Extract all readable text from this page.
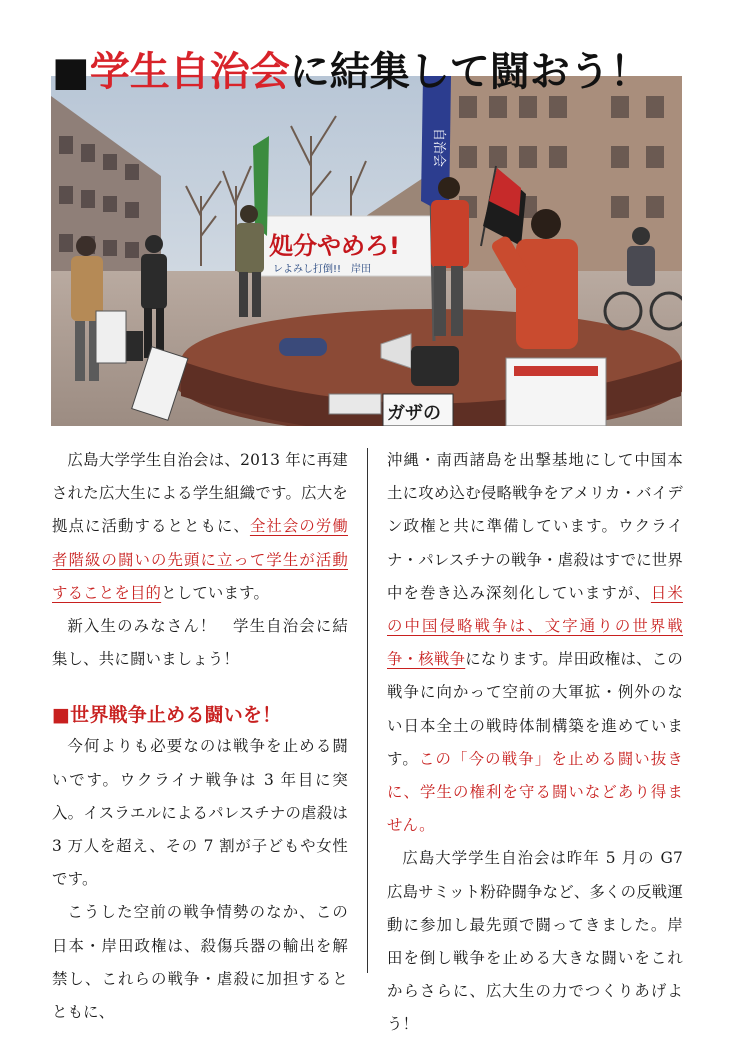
■学生自治会に結集して闘おう！
処分やめろ!
レよみし打倒!!　岸田
自治会
ガザの

広島大学学生自治会は、2013 年に再建された広大生による学生組織です。広大を拠点に活動するとともに、全社会の労働者階級の闘いの先頭に立って学生が活動することを目的としています。

新入生のみなさん！　学生自治会に結集し、共に闘いましょう！

■世界戦争止める闘いを！

今何よりも必要なのは戦争を止める闘いです。ウクライナ戦争は 3 年目に突入。イスラエルによるパレスチナの虐殺は 3 万人を超え、その 7 割が子どもや女性です。

こうした空前の戦争情勢のなか、この日本・岸田政権は、殺傷兵器の輸出を解禁し、これらの戦争・虐殺に加担するとともに、

沖縄・南西諸島を出撃基地にして中国本土に攻め込む侵略戦争をアメリカ・バイデン政権と共に準備しています。ウクライナ・パレスチナの戦争・虐殺はすでに世界中を巻き込み深刻化していますが、日米の中国侵略戦争は、文字通りの世界戦争・核戦争になります。岸田政権は、この戦争に向かって空前の大軍拡・例外のない日本全土の戦時体制構築を進めています。この「今の戦争」を止める闘い抜きに、学生の権利を守る闘いなどあり得ません。

広島大学学生自治会は昨年 5 月の G7 広島サミット粉砕闘争など、多くの反戦運動に参加し最先頭で闘ってきました。岸田を倒し戦争を止める大きな闘いをこれからさらに、広大生の力でつくりあげよう！
